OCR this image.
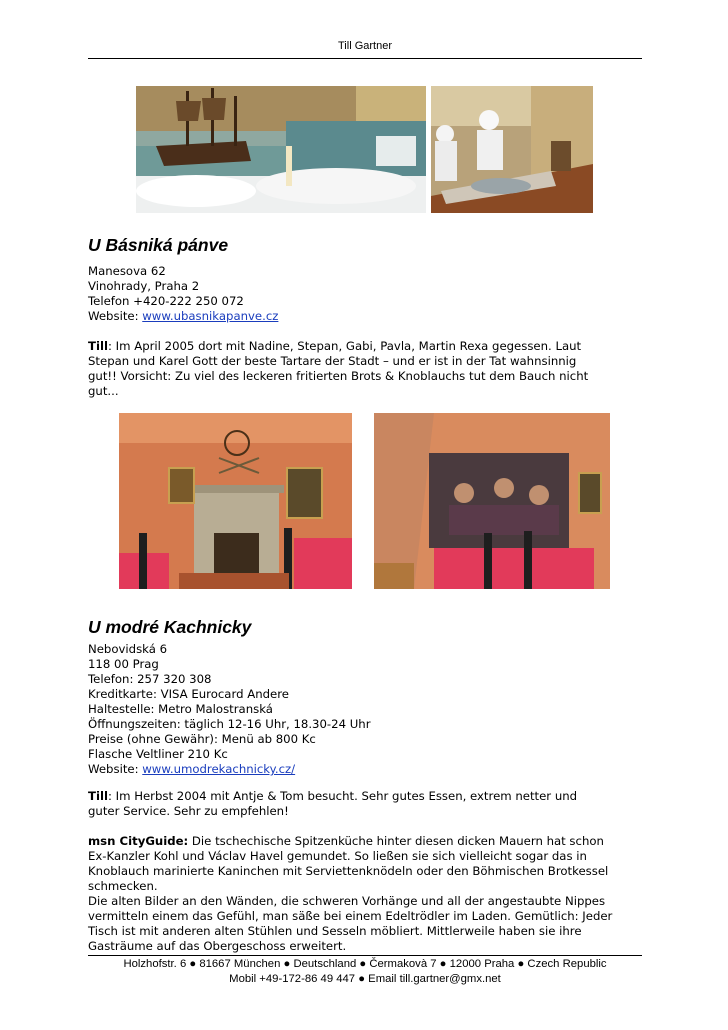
Till Gartner
U Básniká pánve

Manesova 62

Vinohrady, Praha 2

Telefon +420-222 250 072

Website: www.ubasnikapanve.cz

Till: Im April 2005 dort mit Nadine, Stepan, Gabi, Pavla, Martin Rexa gegessen. Laut

Stepan und Karel Gott der beste Tartare der Stadt – und er ist in der Tat wahnsinnig

gut!! Vorsicht: Zu viel des leckeren fritierten Brots & Knoblauchs tut dem Bauch nicht

gut...

U modré Kachnicky

Nebovidská 6

118 00 Prag

Telefon: 257 320 308

Kreditkarte: VISA Eurocard Andere

Haltestelle: Metro Malostranská

Öffnungszeiten: täglich 12-16 Uhr, 18.30-24 Uhr

Preise (ohne Gewähr): Menü ab 800 Kc

Flasche Veltliner 210 Kc

Website: www.umodrekachnicky.cz/

Till: Im Herbst 2004 mit Antje & Tom besucht. Sehr gutes Essen, extrem netter und

guter Service. Sehr zu empfehlen!

msn CityGuide: Die tschechische Spitzenküche hinter diesen dicken Mauern hat schon

Ex-Kanzler Kohl und Václav Havel gemundet. So ließen sie sich vielleicht sogar das in

Knoblauch marinierte Kaninchen mit Serviettenknödeln oder den Böhmischen Brotkessel

schmecken.

Die alten Bilder an den Wänden, die schweren Vorhänge und all der angestaubte Nippes

vermitteln einem das Gefühl, man säße bei einem Edeltrödler im Laden. Gemütlich: Jeder

Tisch ist mit anderen alten Stühlen und Sesseln möbliert. Mittlerweile haben sie ihre

Gasträume auf das Obergeschoss erweitert.

Holzhofstr. 6 ● 81667 München ● Deutschland ● Čermakovà 7 ● 12000 Praha ● Czech Republic

Mobil +49-172-86 49 447 ● Email till.gartner@gmx.net
